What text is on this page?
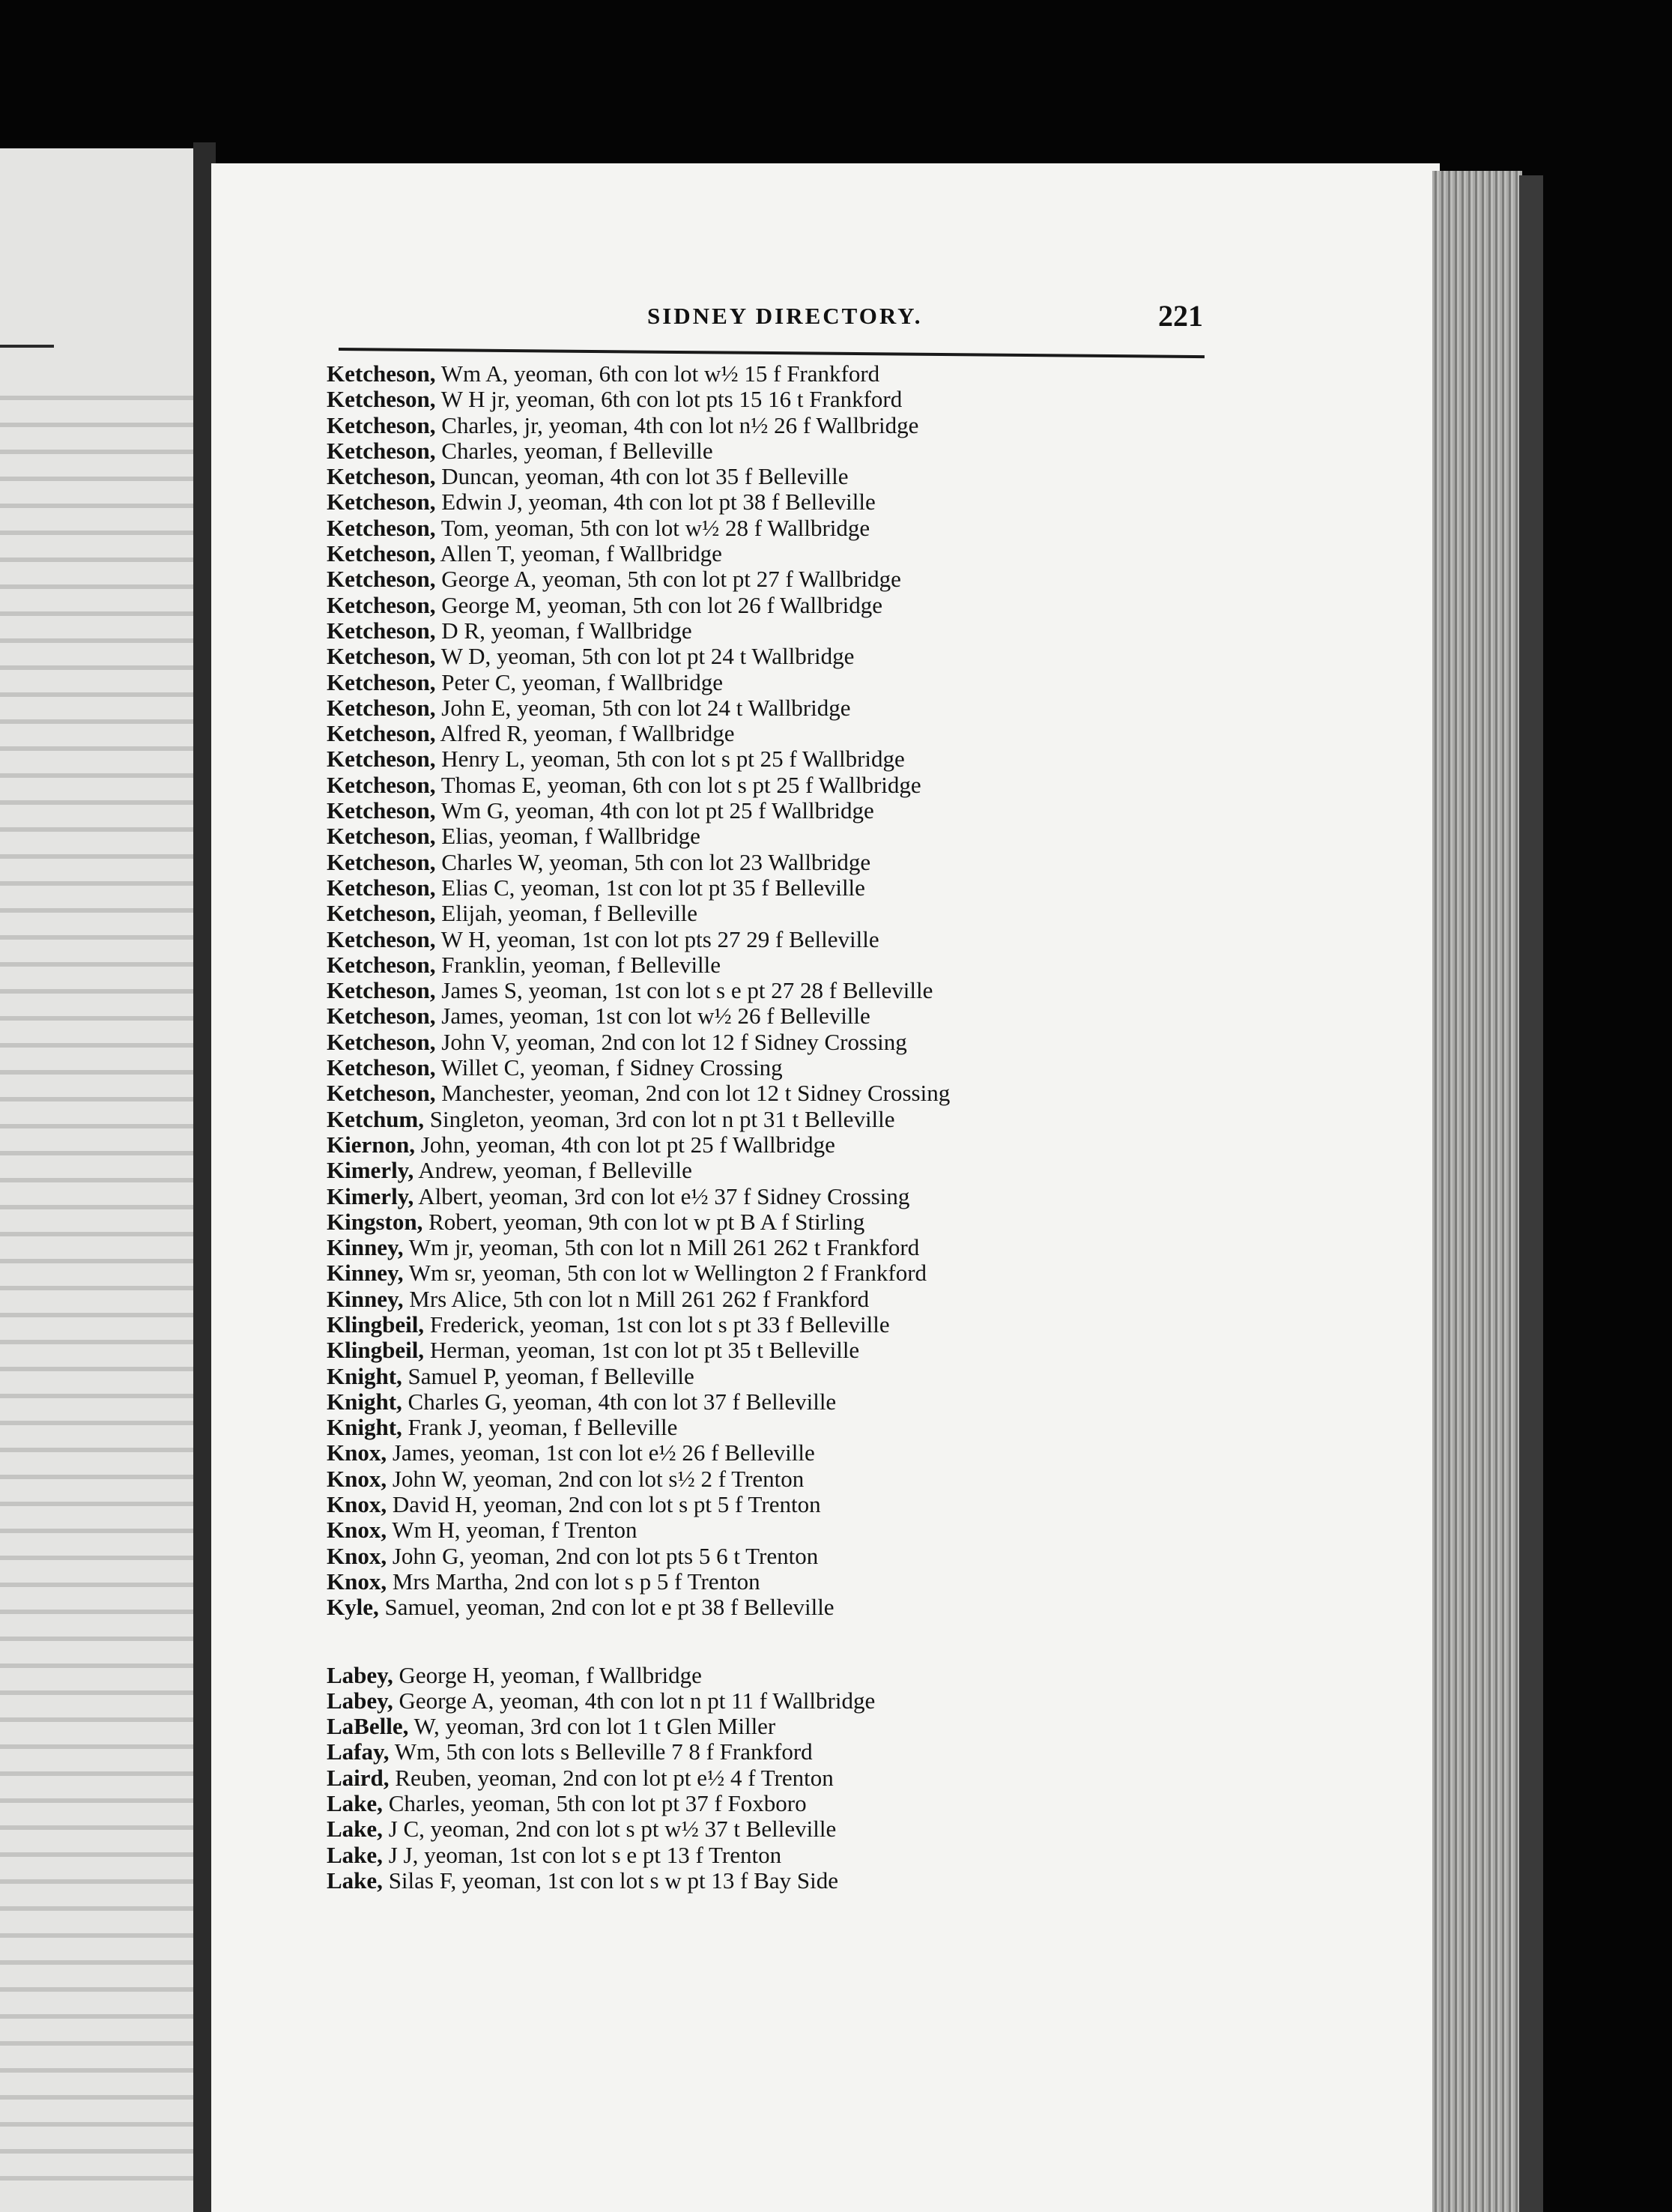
SIDNEY DIRECTORY.	221
Ketcheson, Wm A, yeoman, 6th con lot w½ 15 f Frankford
Ketcheson, W H jr, yeoman, 6th con lot pts 15 16 t Frankford
Ketcheson, Charles, jr, yeoman, 4th con lot n½ 26 f Wallbridge
Ketcheson, Charles, yeoman, f Belleville
Ketcheson, Duncan, yeoman, 4th con lot 35 f Belleville
Ketcheson, Edwin J, yeoman, 4th con lot pt 38 f Belleville
Ketcheson, Tom, yeoman, 5th con lot w½ 28 f Wallbridge
Ketcheson, Allen T, yeoman, f Wallbridge
Ketcheson, George A, yeoman, 5th con lot pt 27 f Wallbridge
Ketcheson, George M, yeoman, 5th con lot 26 f Wallbridge
Ketcheson, D R, yeoman, f Wallbridge
Ketcheson, W D, yeoman, 5th con lot pt 24 t Wallbridge
Ketcheson, Peter C, yeoman, f Wallbridge
Ketcheson, John E, yeoman, 5th con lot 24 t Wallbridge
Ketcheson, Alfred R, yeoman, f Wallbridge
Ketcheson, Henry L, yeoman, 5th con lot s pt 25 f Wallbridge
Ketcheson, Thomas E, yeoman, 6th con lot s pt 25 f Wallbridge
Ketcheson, Wm G, yeoman, 4th con lot pt 25 f Wallbridge
Ketcheson, Elias, yeoman, f Wallbridge
Ketcheson, Charles W, yeoman, 5th con lot 23 Wallbridge
Ketcheson, Elias C, yeoman, 1st con lot pt 35 f Belleville
Ketcheson, Elijah, yeoman, f Belleville
Ketcheson, W H, yeoman, 1st con lot pts 27 29 f Belleville
Ketcheson, Franklin, yeoman, f Belleville
Ketcheson, James S, yeoman, 1st con lot s e pt 27 28 f Belleville
Ketcheson, James, yeoman, 1st con lot w½ 26 f Belleville
Ketcheson, John V, yeoman, 2nd con lot 12 f Sidney Crossing
Ketcheson, Willet C, yeoman, f Sidney Crossing
Ketcheson, Manchester, yeoman, 2nd con lot 12 t Sidney Crossing
Ketchum, Singleton, yeoman, 3rd con lot n pt 31 t Belleville
Kiernon, John, yeoman, 4th con lot pt 25 f Wallbridge
Kimerly, Andrew, yeoman, f Belleville
Kimerly, Albert, yeoman, 3rd con lot e½ 37 f Sidney Crossing
Kingston, Robert, yeoman, 9th con lot w pt B A f Stirling
Kinney, Wm jr, yeoman, 5th con lot n Mill 261 262 t Frankford
Kinney, Wm sr, yeoman, 5th con lot w Wellington 2 f Frankford
Kinney, Mrs Alice, 5th con lot n Mill 261 262 f Frankford
Klingbeil, Frederick, yeoman, 1st con lot s pt 33 f Belleville
Klingbeil, Herman, yeoman, 1st con lot pt 35 t Belleville
Knight, Samuel P, yeoman, f Belleville
Knight, Charles G, yeoman, 4th con lot 37 f Belleville
Knight, Frank J, yeoman, f Belleville
Knox, James, yeoman, 1st con lot e½ 26 f Belleville
Knox, John W, yeoman, 2nd con lot s½ 2 f Trenton
Knox, David H, yeoman, 2nd con lot s pt 5 f Trenton
Knox, Wm H, yeoman, f Trenton
Knox, John G, yeoman, 2nd con lot pts 5 6 t Trenton
Knox, Mrs Martha, 2nd con lot s p 5 f Trenton
Kyle, Samuel, yeoman, 2nd con lot e pt 38 f Belleville
Labey, George H, yeoman, f Wallbridge
Labey, George A, yeoman, 4th con lot n pt 11 f Wallbridge
LaBelle, W, yeoman, 3rd con lot 1 t Glen Miller
Lafay, Wm, 5th con lots s Belleville 7 8 f Frankford
Laird, Reuben, yeoman, 2nd con lot pt e½ 4 f Trenton
Lake, Charles, yeoman, 5th con lot pt 37 f Foxboro
Lake, J C, yeoman, 2nd con lot s pt w½ 37 t Belleville
Lake, J J, yeoman, 1st con lot s e pt 13 f Trenton
Lake, Silas F, yeoman, 1st con lot s w pt 13 f Bay Side
